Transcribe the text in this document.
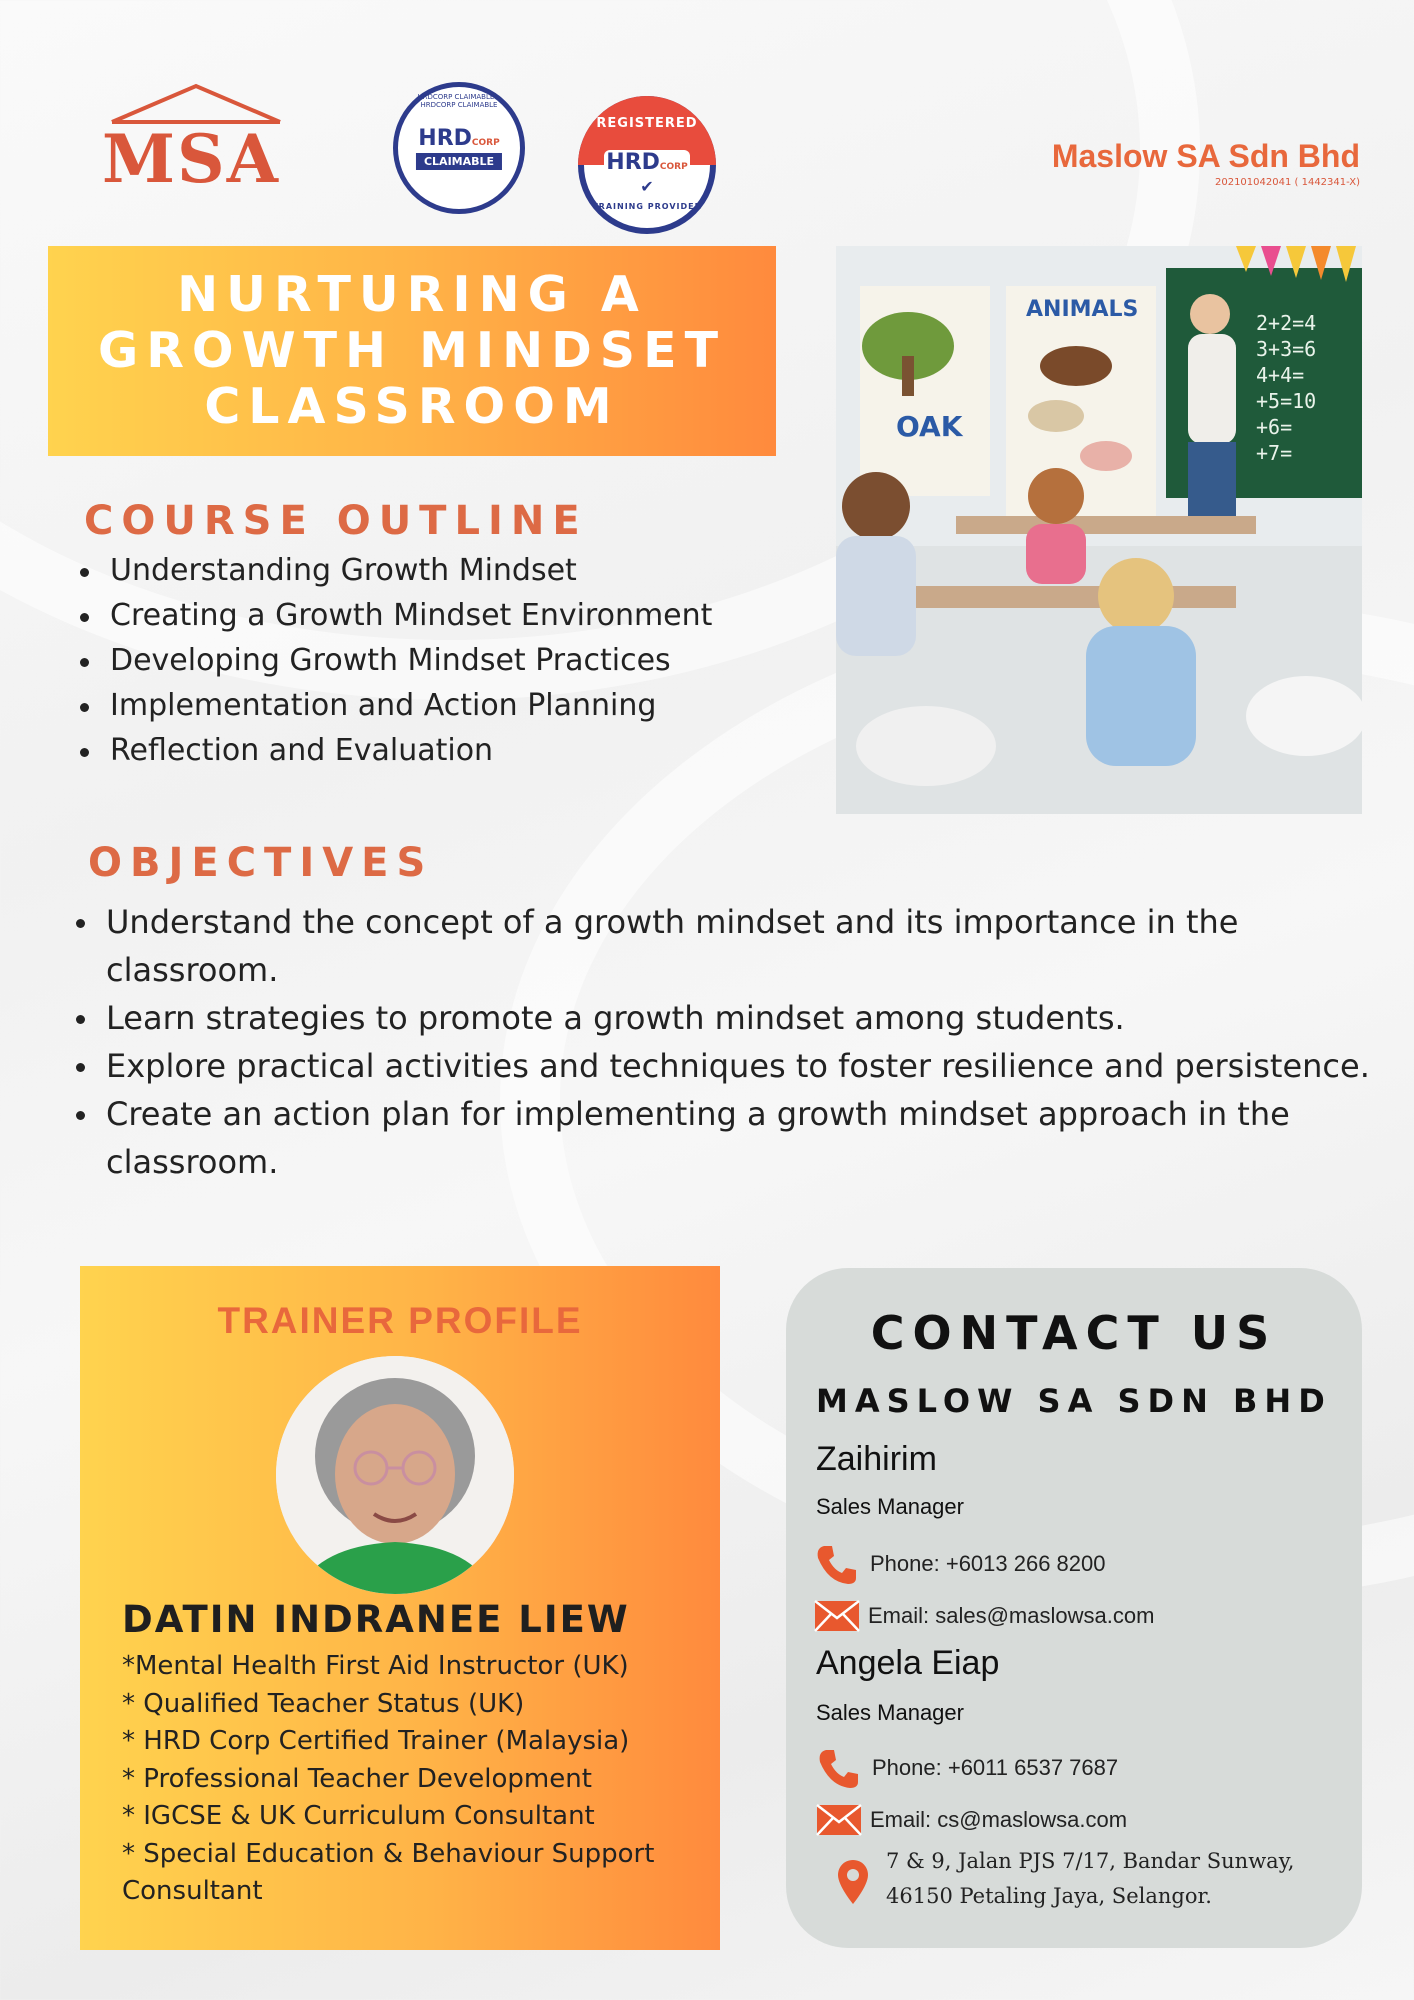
MSA
HRDCORP CLAIMABLE • HRDCORP CLAIMABLE
HRDCORP
CLAIMABLE
REGISTERED
HRDCORP
✔
TRAINING PROVIDER
Maslow SA Sdn Bhd
202101042041 ( 1442341-X)
NURTURING A GROWTH MINDSET CLASSROOM
2+2=4
3+3=6
4+4=
+5=10
+6=
+7=
OAK
ANIMALS
COURSE OUTLINE
Understanding Growth Mindset
Creating a Growth Mindset Environment
Developing Growth Mindset Practices
Implementation and Action Planning
Reflection and Evaluation
OBJECTIVES
Understand the concept of a growth mindset and its importance in the classroom.
Learn strategies to promote a growth mindset among students.
Explore practical activities and techniques to foster resilience and persistence.
Create an action plan for implementing a growth mindset approach in the classroom.
TRAINER PROFILE
DATIN INDRANEE LIEW
*Mental Health First Aid Instructor (UK)
* Qualified Teacher Status (UK)
* HRD Corp Certified Trainer (Malaysia)
* Professional Teacher Development
* IGCSE & UK Curriculum Consultant
* Special Education & Behaviour Support
Consultant
CONTACT US
MASLOW SA SDN BHD
Zaihirim
Sales Manager
Phone: +6013 266 8200
Email: sales@maslowsa.com
Angela Eiap
Sales Manager
Phone: +6011 6537 7687
Email: cs@maslowsa.com
7 & 9, Jalan PJS 7/17, Bandar Sunway,
46150 Petaling Jaya, Selangor.
